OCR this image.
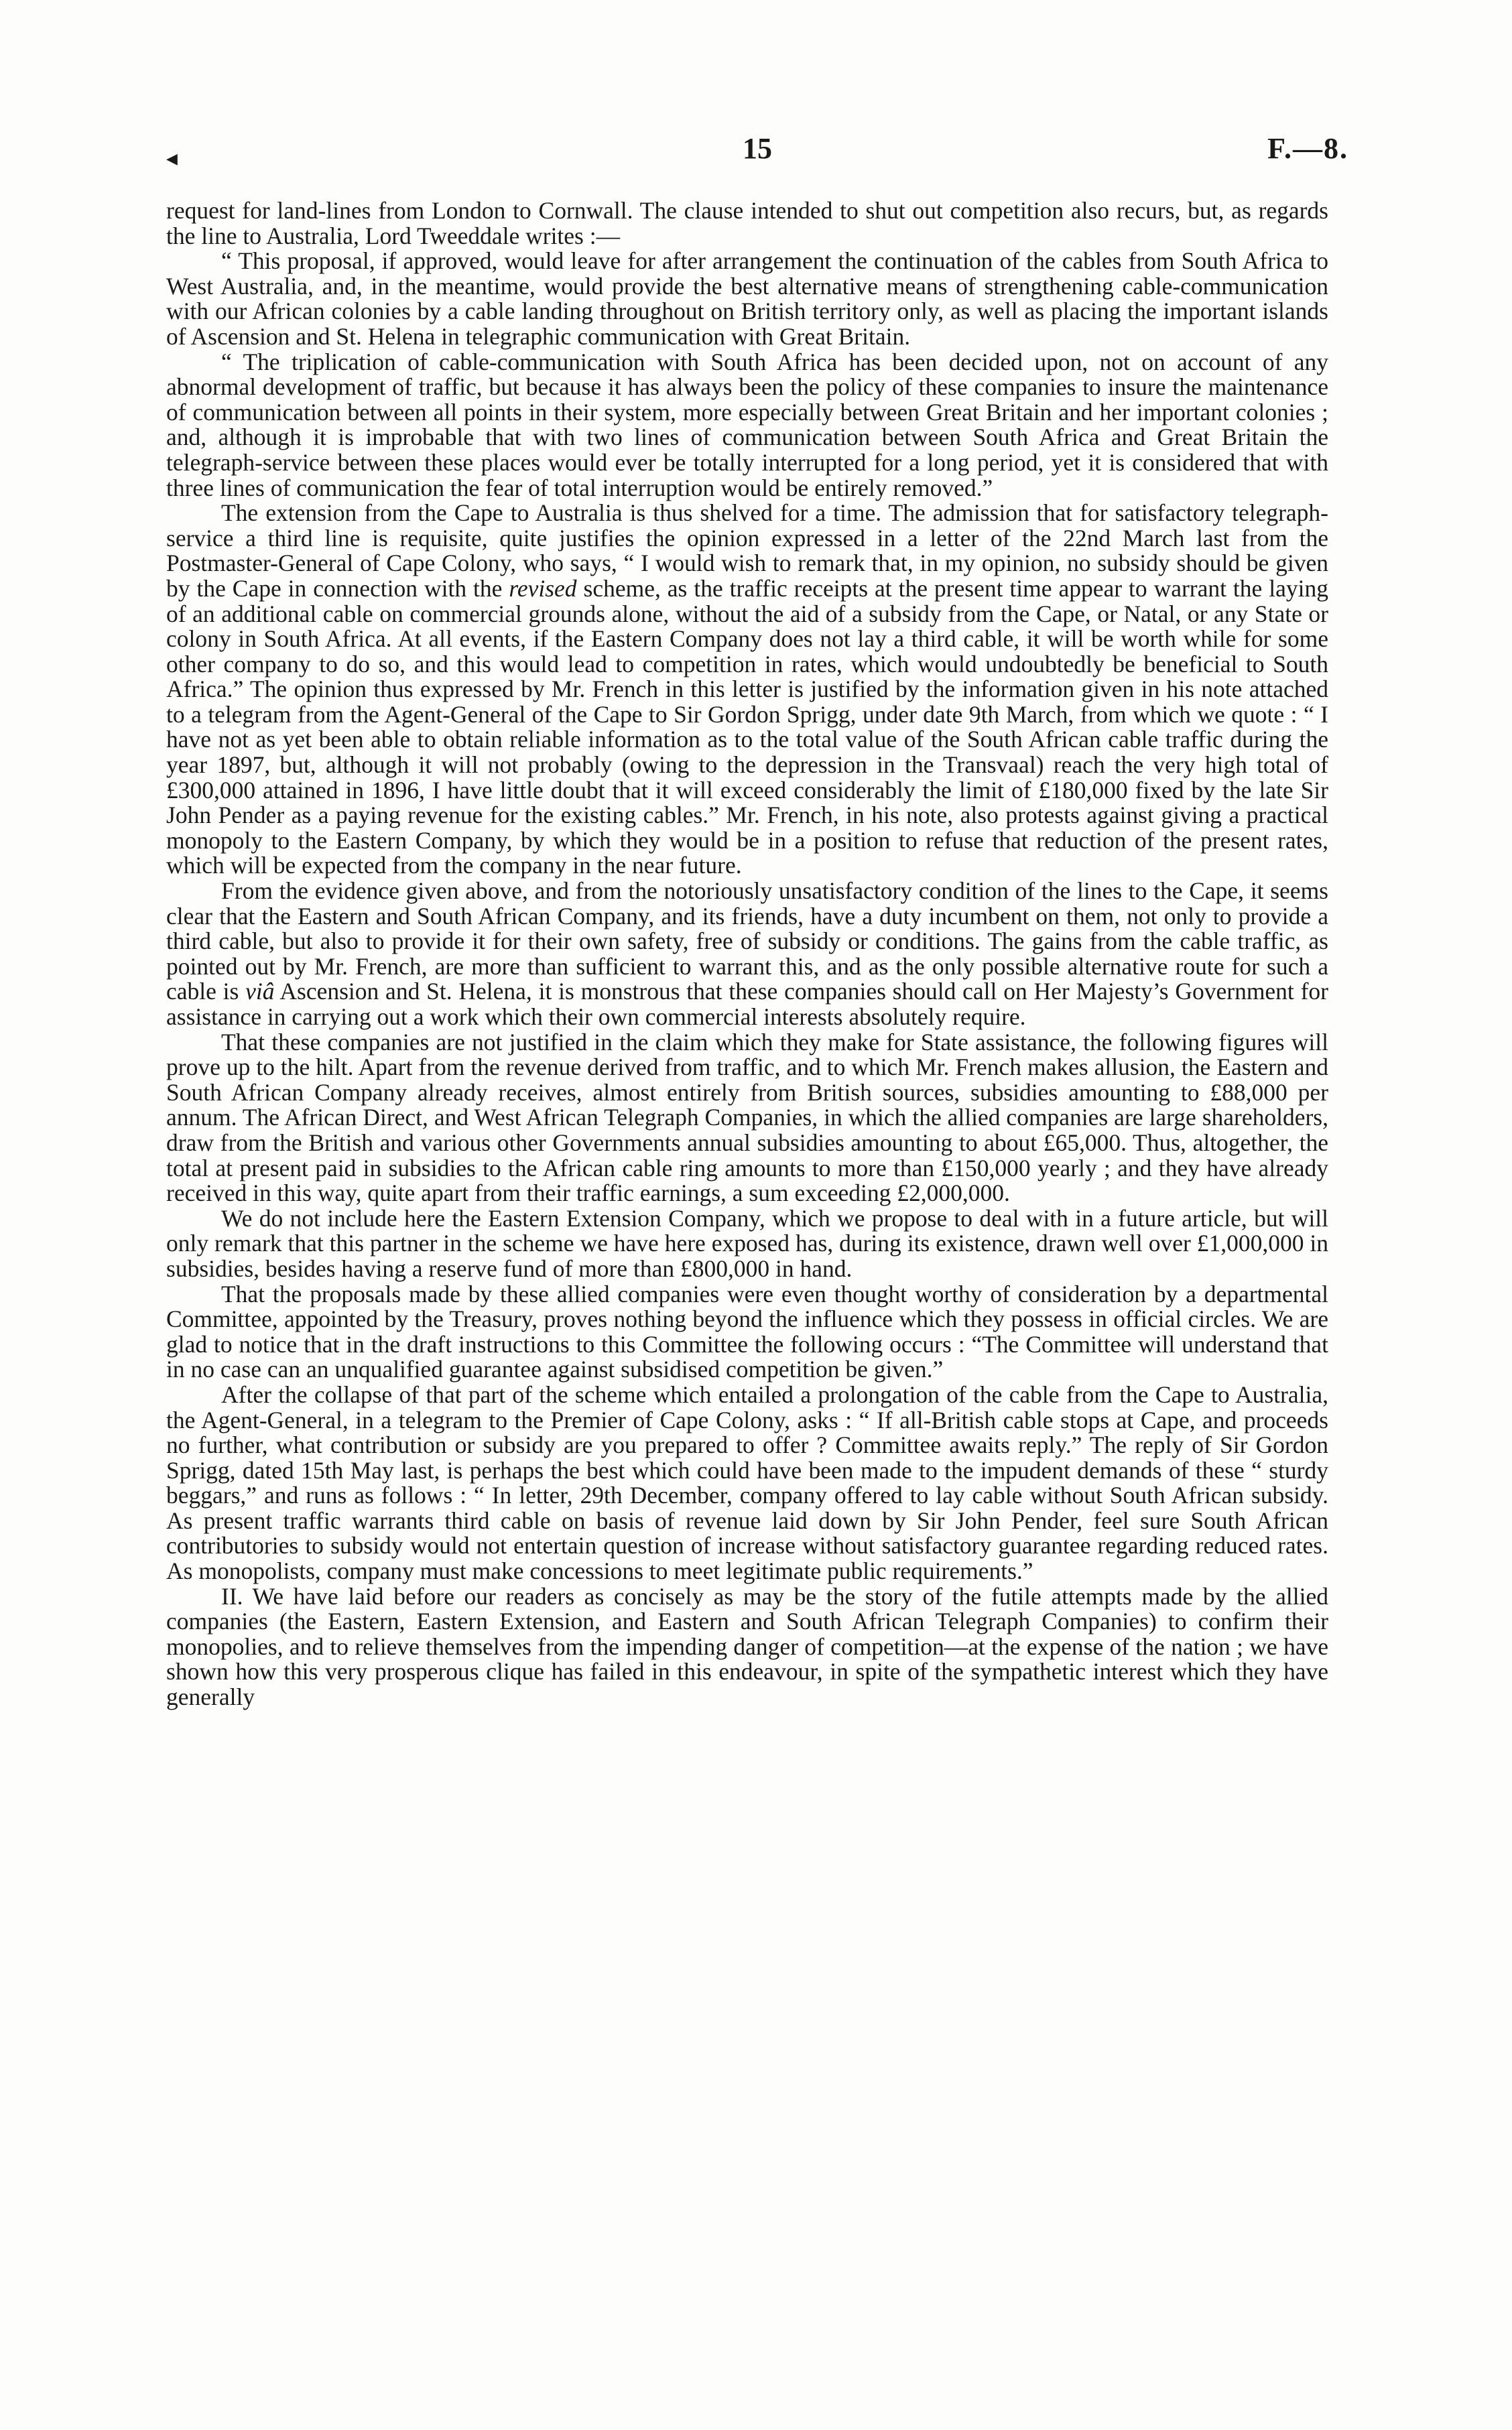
◀	15	F.—8.

request for land-lines from London to Cornwall. The clause intended to shut out competition also recurs, but, as regards the line to Australia, Lord Tweeddale writes :—

“ This proposal, if approved, would leave for after arrangement the continuation of the cables from South Africa to West Australia, and, in the meantime, would provide the best alternative means of strengthening cable-communication with our African colonies by a cable landing throughout on British territory only, as well as placing the important islands of Ascension and St. Helena in telegraphic communication with Great Britain.

“ The triplication of cable-communication with South Africa has been decided upon, not on account of any abnormal development of traffic, but because it has always been the policy of these companies to insure the maintenance of communication between all points in their system, more especially between Great Britain and her important colonies ; and, although it is improbable that with two lines of communication between South Africa and Great Britain the telegraph-service between these places would ever be totally interrupted for a long period, yet it is considered that with three lines of communication the fear of total interruption would be entirely removed.”

The extension from the Cape to Australia is thus shelved for a time. The admission that for satisfactory telegraph-service a third line is requisite, quite justifies the opinion expressed in a letter of the 22nd March last from the Postmaster-General of Cape Colony, who says, “ I would wish to remark that, in my opinion, no subsidy should be given by the Cape in connection with the revised scheme, as the traffic receipts at the present time appear to warrant the laying of an additional cable on commercial grounds alone, without the aid of a subsidy from the Cape, or Natal, or any State or colony in South Africa. At all events, if the Eastern Company does not lay a third cable, it will be worth while for some other company to do so, and this would lead to competition in rates, which would undoubtedly be beneficial to South Africa.” The opinion thus expressed by Mr. French in this letter is justified by the information given in his note attached to a telegram from the Agent-General of the Cape to Sir Gordon Sprigg, under date 9th March, from which we quote : “ I have not as yet been able to obtain reliable information as to the total value of the South African cable traffic during the year 1897, but, although it will not probably (owing to the depression in the Transvaal) reach the very high total of £300,000 attained in 1896, I have little doubt that it will exceed considerably the limit of £180,000 fixed by the late Sir John Pender as a paying revenue for the existing cables.” Mr. French, in his note, also protests against giving a practical monopoly to the Eastern Company, by which they would be in a position to refuse that reduction of the present rates, which will be expected from the company in the near future.

From the evidence given above, and from the notoriously unsatisfactory condition of the lines to the Cape, it seems clear that the Eastern and South African Company, and its friends, have a duty incumbent on them, not only to provide a third cable, but also to provide it for their own safety, free of subsidy or conditions. The gains from the cable traffic, as pointed out by Mr. French, are more than sufficient to warrant this, and as the only possible alternative route for such a cable is viâ Ascension and St. Helena, it is monstrous that these companies should call on Her Majesty’s Government for assistance in carrying out a work which their own commercial interests absolutely require.

That these companies are not justified in the claim which they make for State assistance, the following figures will prove up to the hilt. Apart from the revenue derived from traffic, and to which Mr. French makes allusion, the Eastern and South African Company already receives, almost entirely from British sources, subsidies amounting to £88,000 per annum. The African Direct, and West African Telegraph Companies, in which the allied companies are large shareholders, draw from the British and various other Governments annual subsidies amounting to about £65,000. Thus, altogether, the total at present paid in subsidies to the African cable ring amounts to more than £150,000 yearly ; and they have already received in this way, quite apart from their traffic earnings, a sum exceeding £2,000,000.

We do not include here the Eastern Extension Company, which we propose to deal with in a future article, but will only remark that this partner in the scheme we have here exposed has, during its existence, drawn well over £1,000,000 in subsidies, besides having a reserve fund of more than £800,000 in hand.

That the proposals made by these allied companies were even thought worthy of consideration by a departmental Committee, appointed by the Treasury, proves nothing beyond the influence which they possess in official circles. We are glad to notice that in the draft instructions to this Committee the following occurs : “The Committee will understand that in no case can an unqualified guarantee against subsidised competition be given.”

After the collapse of that part of the scheme which entailed a prolongation of the cable from the Cape to Australia, the Agent-General, in a telegram to the Premier of Cape Colony, asks : “ If all-British cable stops at Cape, and proceeds no further, what contribution or subsidy are you prepared to offer ? Committee awaits reply.” The reply of Sir Gordon Sprigg, dated 15th May last, is perhaps the best which could have been made to the impudent demands of these “ sturdy beggars,” and runs as follows : “ In letter, 29th December, company offered to lay cable without South African subsidy. As present traffic warrants third cable on basis of revenue laid down by Sir John Pender, feel sure South African contributories to subsidy would not entertain question of increase without satisfactory guarantee regarding reduced rates. As monopolists, company must make concessions to meet legitimate public requirements.”

II. We have laid before our readers as concisely as may be the story of the futile attempts made by the allied companies (the Eastern, Eastern Extension, and Eastern and South African Telegraph Companies) to confirm their monopolies, and to relieve themselves from the impending danger of competition—at the expense of the nation ; we have shown how this very prosperous clique has failed in this endeavour, in spite of the sympathetic interest which they have generally
